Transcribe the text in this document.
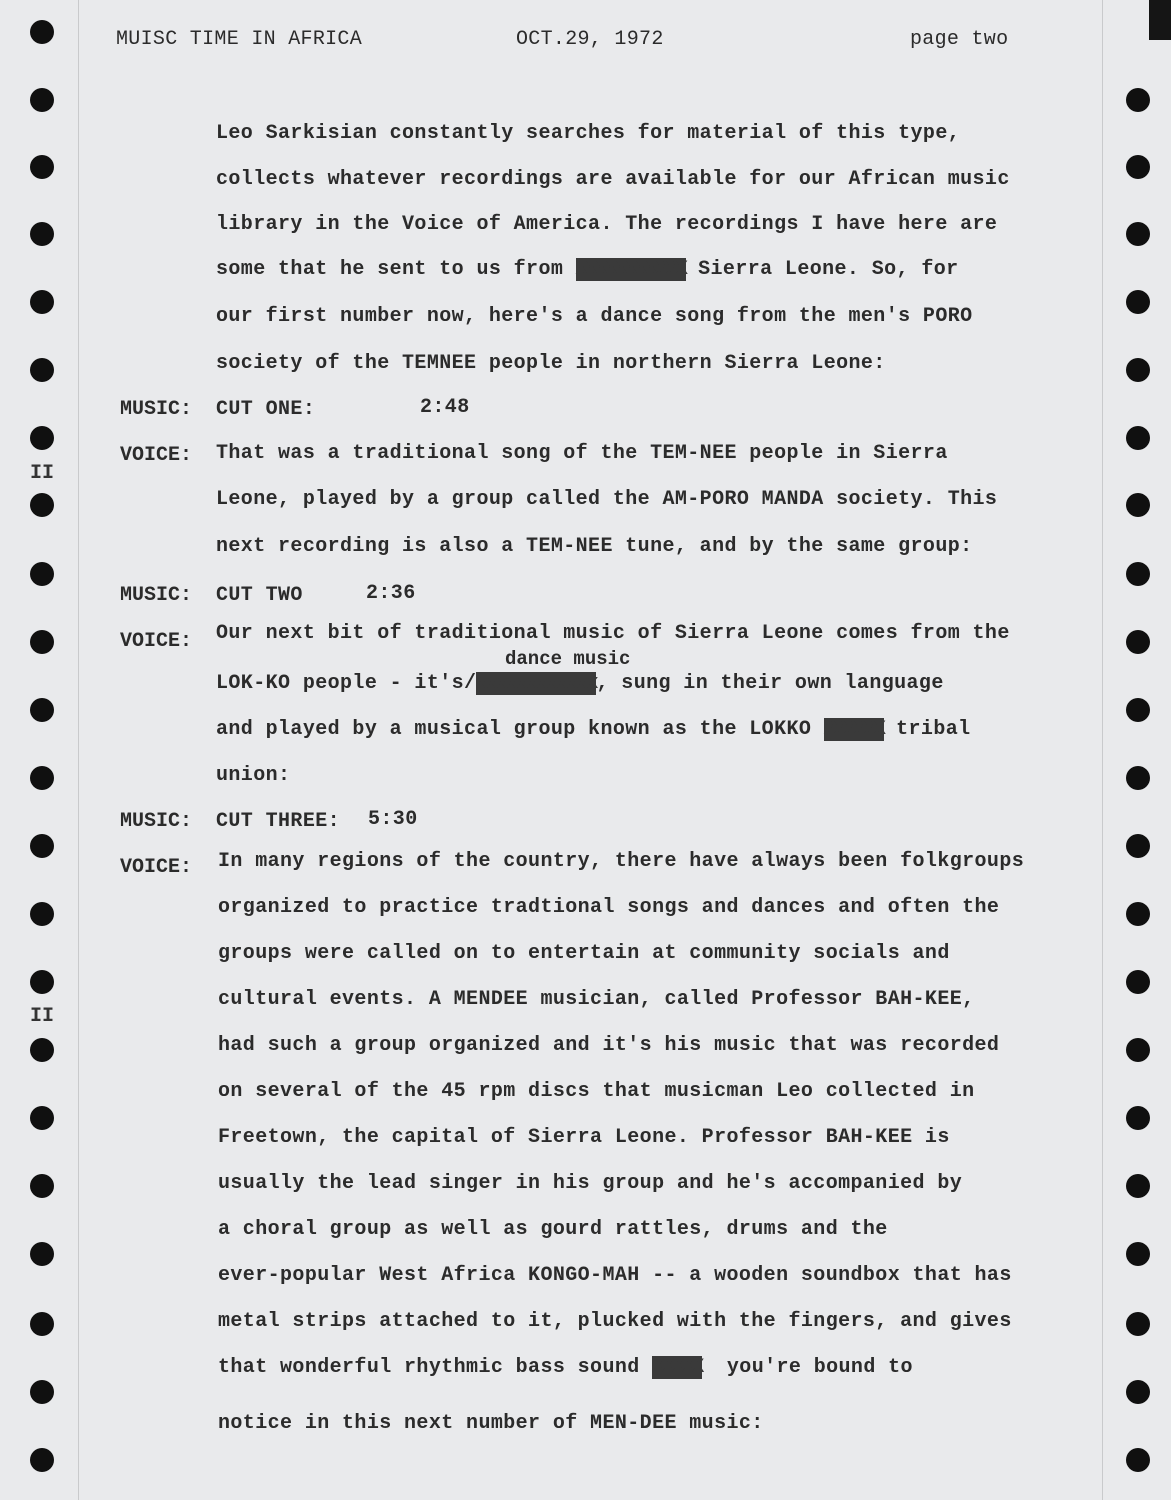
II
II
MUISC TIME IN AFRICA	OCT.29, 1972	page two
Leo Sarkisian constantly searches for material of this type,
collects whatever recordings are available for our African music
library in the Voice of America. The recordings I have here are
some that he sent to us from XXXXXXXXXXX Sierra Leone. So, for
our first number now, here's a dance song from the men's PORO
society of the TEMNEE people in northern Sierra Leone:
MUSIC: CUT ONE:	2:48
VOICE: That was a traditional song of the TEM-NEE people in Sierra
Leone, played by a group called the AM-PORO MANDA society. This
next recording is also a TEM-NEE tune, and by the same group:
MUSIC: CUT TWO	2:36
VOICE: Our next bit of traditional music of Sierra Leone comes from the
dance music
LOK-KO people - it's/xxxxxxxxxxxx, sung in their own language
and played by a musical group known as the LOKKO XXXXXX tribal
union:
MUSIC: CUT THREE: 5:30
VOICE: In many regions of the country, there have always been folkgroups
organized to practice tradtional songs and dances and often the
groups were called on to entertain at community socials and
cultural events. A MENDEE musician, called Professor BAH-KEE,
had such a group organized and it's his music that was recorded
on several of the 45 rpm discs that musicman Leo collected in
Freetown, the capital of Sierra Leone. Professor BAH-KEE is
usually the lead singer in his group and he's accompanied by
a choral group as well as gourd rattles, drums and the
ever-popular West Africa KONGO-MAH -- a wooden soundbox that has
metal strips attached to it, plucked with the fingers, and gives
that wonderful rhythmic bass sound XXXXX you're bound to
notice in this next number of MEN-DEE music:
